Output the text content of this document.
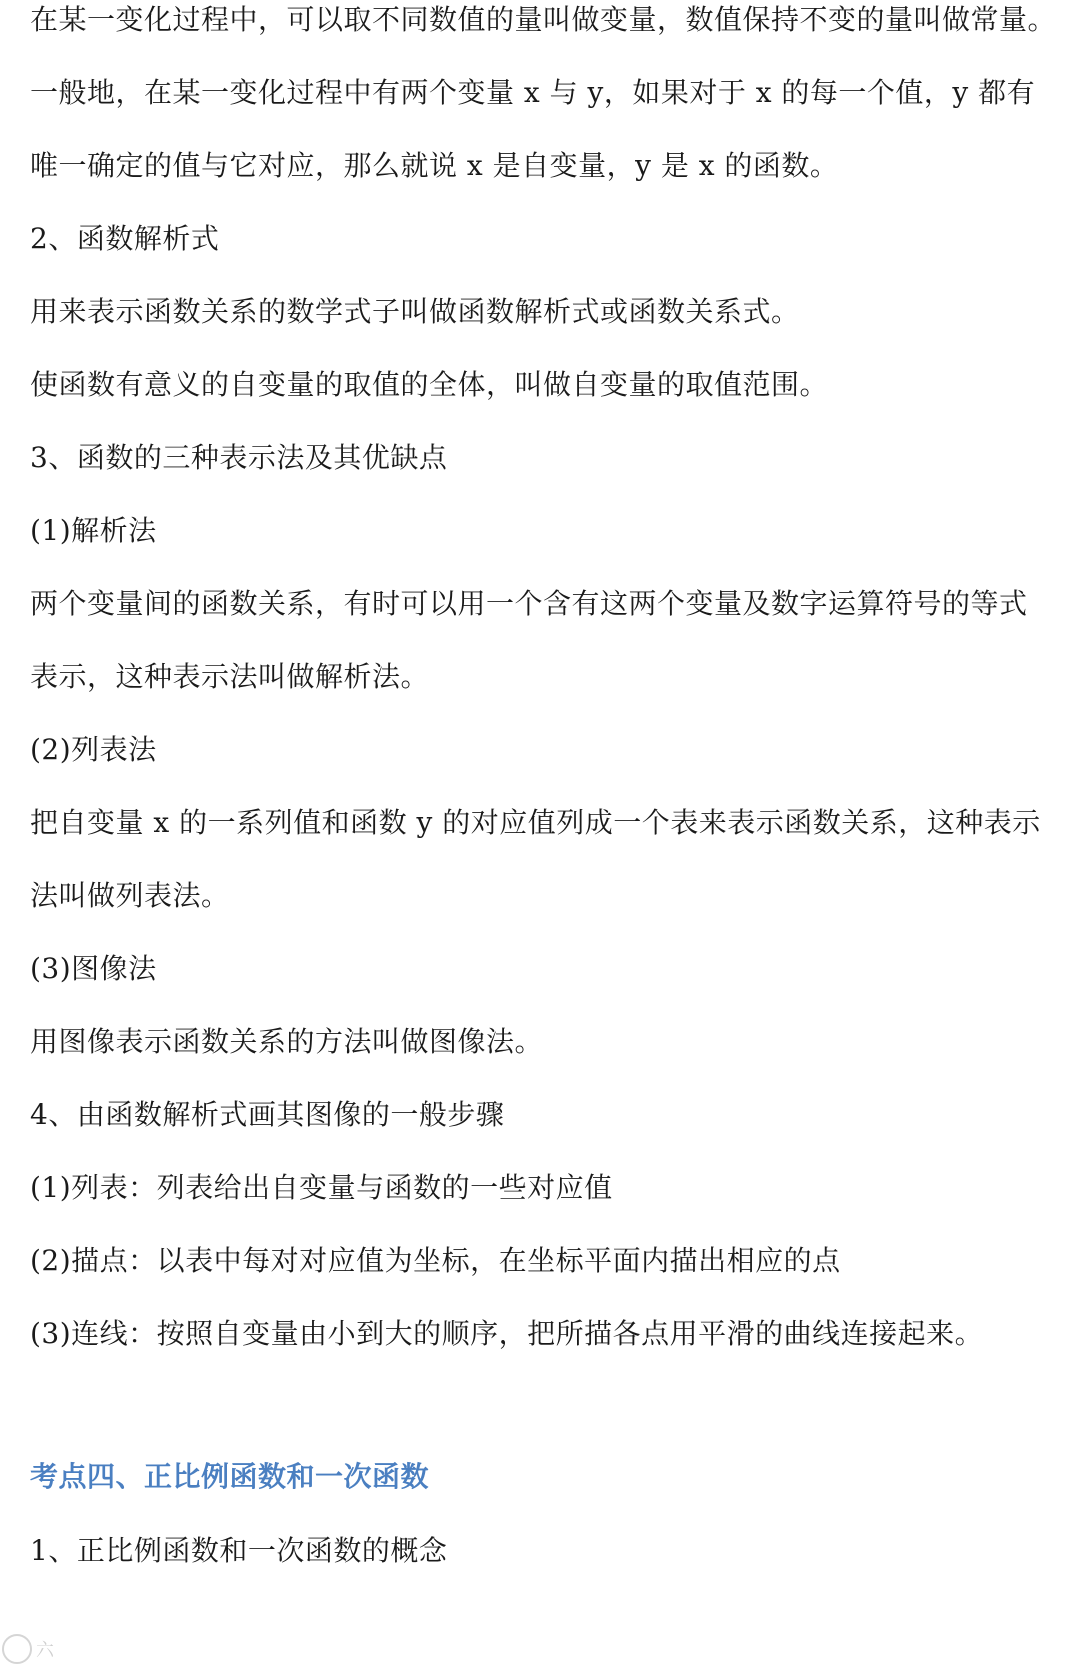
在某一变化过程中，可以取不同数值的量叫做变量，数值保持不变的量叫做常量。
一般地，在某一变化过程中有两个变量 x 与 y，如果对于 x 的每一个值，y 都有
唯一确定的值与它对应，那么就说 x 是自变量，y 是 x 的函数。
2、函数解析式
用来表示函数关系的数学式子叫做函数解析式或函数关系式。
使函数有意义的自变量的取值的全体，叫做自变量的取值范围。
3、函数的三种表示法及其优缺点
(1)解析法
两个变量间的函数关系，有时可以用一个含有这两个变量及数字运算符号的等式
表示，这种表示法叫做解析法。
(2)列表法
把自变量 x 的一系列值和函数 y 的对应值列成一个表来表示函数关系，这种表示
法叫做列表法。
(3)图像法
用图像表示函数关系的方法叫做图像法。
4、由函数解析式画其图像的一般步骤
(1)列表：列表给出自变量与函数的一些对应值
(2)描点：以表中每对对应值为坐标，在坐标平面内描出相应的点
(3)连线：按照自变量由小到大的顺序，把所描各点用平滑的曲线连接起来。
考点四、正比例函数和一次函数
1、正比例函数和一次函数的概念
六
